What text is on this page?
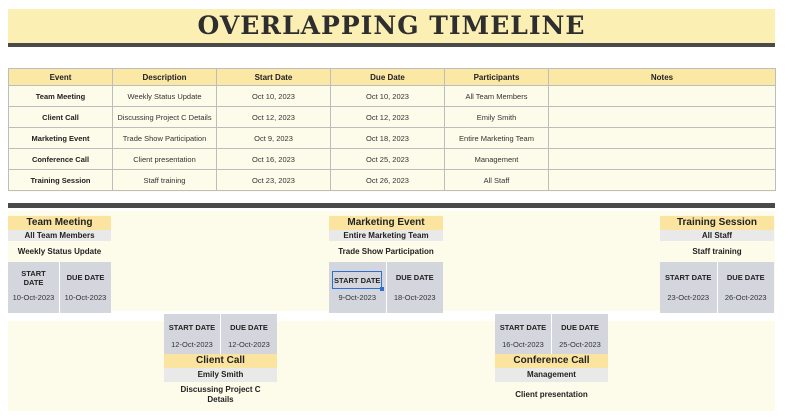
OVERLAPPING TIMELINE
Event	Description	Start Date	Due Date	Participants	Notes
Team Meeting	Weekly Status Update	Oct 10, 2023	Oct 10, 2023	All Team Members	
Client Call	Discussing Project C Details	Oct 12, 2023	Oct 12, 2023	Emily Smith	
Marketing Event	Trade Show Participation	Oct 9, 2023	Oct 18, 2023	Entire Marketing Team	
Conference Call	Client presentation	Oct 16, 2023	Oct 25, 2023	Management	
Training Session	Staff training	Oct 23, 2023	Oct 26, 2023	All Staff	
Team Meeting
All Team Members
Weekly Status Update
START DATE
10-Oct-2023
DUE DATE
10-Oct-2023
Marketing Event
Entire Marketing Team
Trade Show Participation
START DATE
9-Oct-2023
DUE DATE
18-Oct-2023
Training Session
All Staff
Staff training
START DATE
23-Oct-2023
DUE DATE
26-Oct-2023
START DATE
12-Oct-2023
DUE DATE
12-Oct-2023
Client Call
Emily Smith
Discussing Project C Details
START DATE
16-Oct-2023
DUE DATE
25-Oct-2023
Conference Call
Management
Client presentation
